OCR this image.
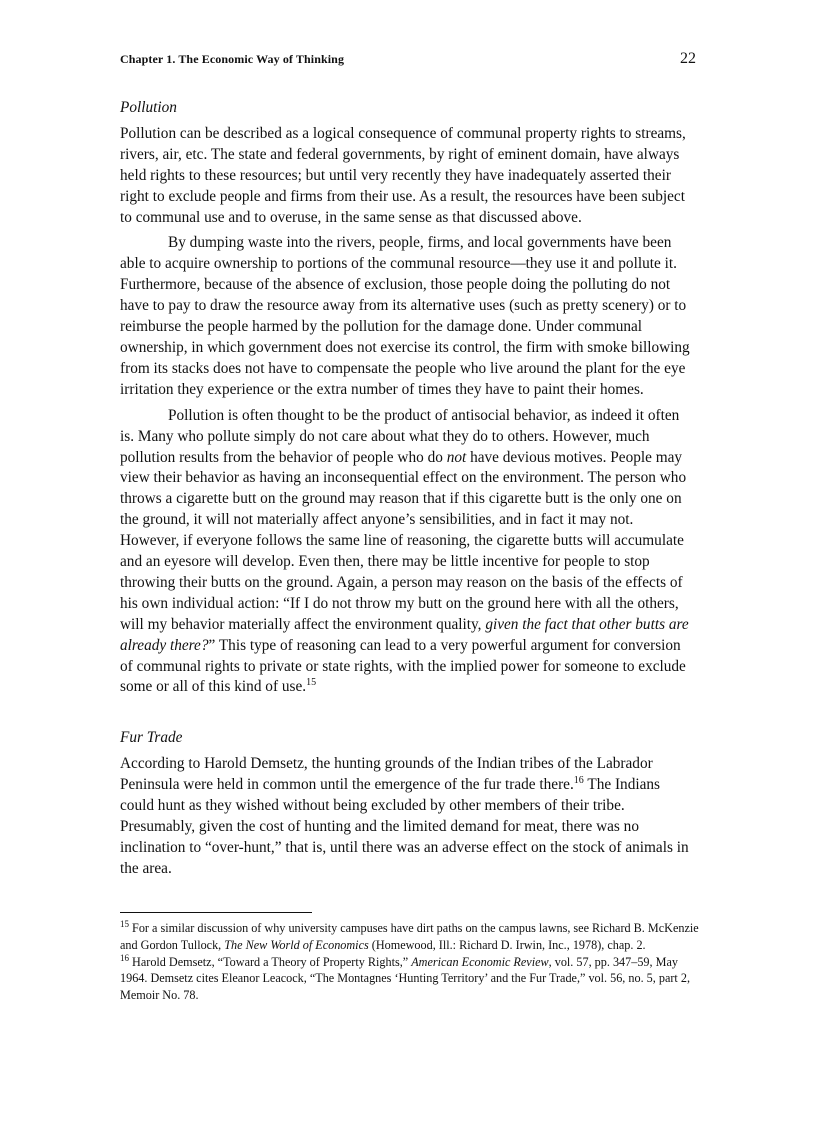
Chapter 1. The Economic Way of Thinking	22
Pollution

Pollution can be described as a logical consequence of communal property rights to streams, rivers, air, etc. The state and federal governments, by right of eminent domain, have always held rights to these resources; but until very recently they have inadequately asserted their right to exclude people and firms from their use. As a result, the resources have been subject to communal use and to overuse, in the same sense as that discussed above.

By dumping waste into the rivers, people, firms, and local governments have been able to acquire ownership to portions of the communal resource—they use it and pollute it. Furthermore, because of the absence of exclusion, those people doing the polluting do not have to pay to draw the resource away from its alternative uses (such as pretty scenery) or to reimburse the people harmed by the pollution for the damage done. Under communal ownership, in which government does not exercise its control, the firm with smoke billowing from its stacks does not have to compensate the people who live around the plant for the eye irritation they experience or the extra number of times they have to paint their homes.

Pollution is often thought to be the product of antisocial behavior, as indeed it often is. Many who pollute simply do not care about what they do to others. However, much pollution results from the behavior of people who do not have devious motives. People may view their behavior as having an inconsequential effect on the environment. The person who throws a cigarette butt on the ground may reason that if this cigarette butt is the only one on the ground, it will not materially affect anyone’s sensibilities, and in fact it may not. However, if everyone follows the same line of reasoning, the cigarette butts will accumulate and an eyesore will develop. Even then, there may be little incentive for people to stop throwing their butts on the ground. Again, a person may reason on the basis of the effects of his own individual action: “If I do not throw my butt on the ground here with all the others, will my behavior materially affect the environment quality, given the fact that other butts are already there?” This type of reasoning can lead to a very powerful argument for conversion of communal rights to private or state rights, with the implied power for someone to exclude some or all of this kind of use.$^{15}$

Fur Trade

According to Harold Demsetz, the hunting grounds of the Indian tribes of the Labrador Peninsula were held in common until the emergence of the fur trade there.$^{16}$ The Indians could hunt as they wished without being excluded by other members of their tribe. Presumably, given the cost of hunting and the limited demand for meat, there was no inclination to “over-hunt,” that is, until there was an adverse effect on the stock of animals in the area.

$^{15}$ For a similar discussion of why university campuses have dirt paths on the campus lawns, see Richard B. McKenzie and Gordon Tullock, The New World of Economics (Homewood, Ill.: Richard D. Irwin, Inc., 1978), chap. 2.

$^{16}$ Harold Demsetz, “Toward a Theory of Property Rights,” American Economic Review, vol. 57, pp. 347–59, May 1964. Demsetz cites Eleanor Leacock, “The Montagnes ‘Hunting Territory’ and the Fur Trade,” vol. 56, no. 5, part 2, Memoir No. 78.
